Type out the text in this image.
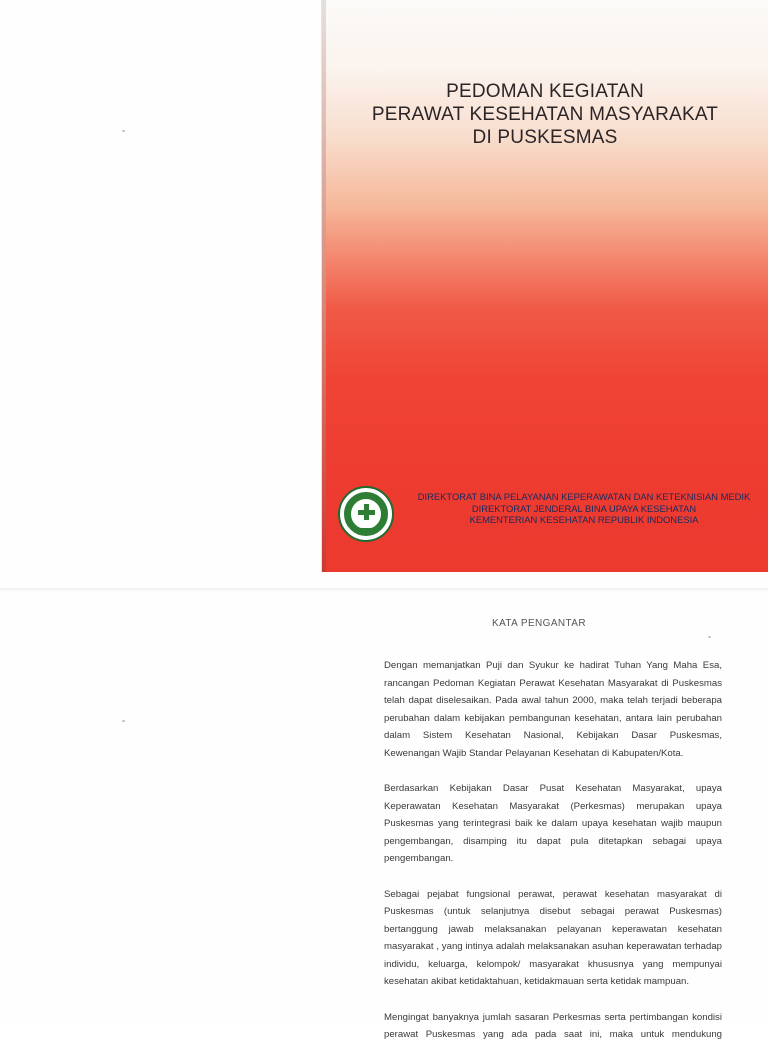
PEDOMAN KEGIATAN
PERAWAT KESEHATAN MASYARAKAT
DI PUSKESMAS
DIREKTORAT BINA PELAYANAN KEPERAWATAN DAN KETEKNISIAN MEDIK
DIREKTORAT JENDERAL BINA UPAYA KESEHATAN
KEMENTERIAN KESEHATAN REPUBLIK INDONESIA
KATA PENGANTAR
Dengan memanjatkan Puji dan Syukur ke hadirat Tuhan Yang Maha Esa,
rancangan Pedoman Kegiatan Perawat Kesehatan Masyarakat di Puskesmas
telah dapat diselesaikan. Pada awal tahun 2000, maka telah terjadi beberapa
perubahan dalam kebijakan pembangunan kesehatan, antara lain perubahan
dalam Sistem Kesehatan Nasional, Kebijakan Dasar Puskesmas,
Kewenangan Wajib Standar Pelayanan Kesehatan di Kabupaten/Kota.
Berdasarkan Kebijakan Dasar Pusat Kesehatan Masyarakat, upaya
Keperawatan Kesehatan Masyarakat (Perkesmas) merupakan upaya
Puskesmas yang terintegrasi baik ke dalam upaya kesehatan wajib maupun
pengembangan, disamping itu dapat pula ditetapkan sebagai upaya
pengembangan.
Sebagai pejabat fungsional perawat, perawat kesehatan masyarakat di
Puskesmas (untuk selanjutnya disebut sebagai perawat Puskesmas)
bertanggung jawab melaksanakan pelayanan keperawatan kesehatan
masyarakat , yang intinya adalah melaksanakan asuhan keperawatan terhadap
individu, keluarga, kelompok/ masyarakat khususnya yang mempunyai
kesehatan akibat ketidaktahuan, ketidakmauan serta ketidak mampuan.
Mengingat banyaknya jumlah sasaran Perkesmas serta pertimbangan kondisi
perawat Puskesmas yang ada pada saat ini, maka untuk mendukung
